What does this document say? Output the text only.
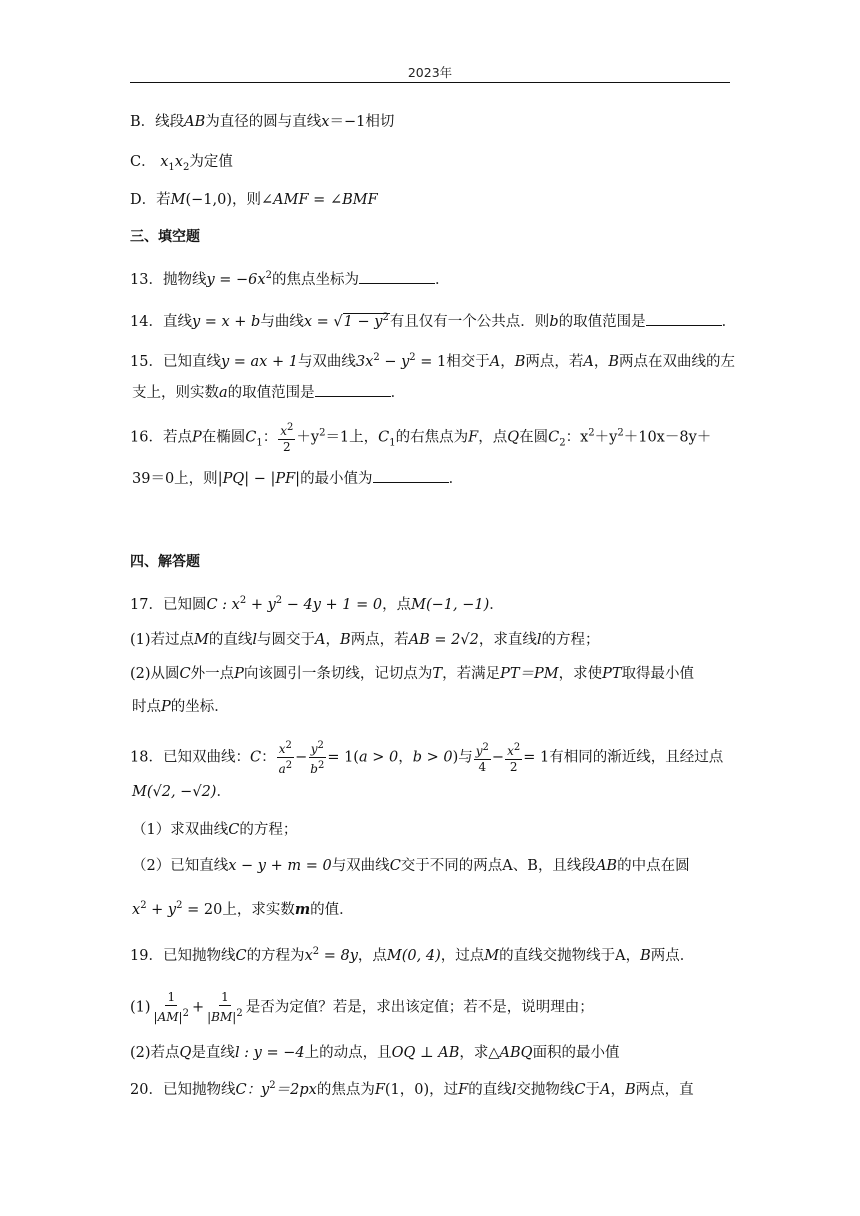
2023年
B．线段AB为直径的圆与直线x＝−1相切
C． $x_1x_2$为定值
D．若M(−1,0)，则∠AMF = ∠BMF
三、填空题
13．抛物线$y = -6x^2$的焦点坐标为	．
14．直线y = x + b与曲线$x = √1 - y^2$有且仅有一个公共点．则b的取值范围是	．
15．已知直线y = ax + 1与双曲线$3x^2 - y^2 = 1$相交于A，B两点，若A，B两点在双曲线的左
支上，则实数a的取值范围是	．
16．若点P在椭圆$C_1$： $\frac{x^2}{2} +y^2=1$上，$C_1$的右焦点为F，点Q在圆$C_2$：$x^2+y^2+10x-8y+$
39＝0上，则|PQ| − |PF|的最小值为	．
四、解答题
17．已知圆C : $x^2 + y^2 - 4y + 1 = 0$，点M(−1, −1)．
(1)若过点M的直线l与圆交于A，B两点，若AB = 2√2，求直线l的方程；
(2)从圆C外一点P向该圆引一条切线，记切点为T，若满足PT＝PM，求使PT取得最小值
时点P的坐标．
18．已知双曲线：C： $\frac{x^2}{a^2} - \frac{y^2}{b^2} = 1(a > 0$，b > 0)与 $\frac{y^2}{4} - \frac{x^2}{2} = 1$有相同的渐近线，且经过点
M(√2, −√2)．
（1）求双曲线C的方程；
（2）已知直线x − y + m = 0与双曲线C交于不同的两点A、B，且线段AB的中点在圆
$x^2 + y^2 = 20$上，求实数m的值．
19．已知抛物线C的方程为$x^2 = 8y$，点M(0, 4)，过点M的直线交抛物线于A，B两点．
$(1) \frac{1}{|AM|^2} + \frac{1}{|BM|^2}$ 是否为定值？若是，求出该定值；若不是，说明理由；
(2)若点Q是直线l : y = −4上的动点，且OQ ⊥ AB，求△ABQ面积的最小值
20．已知抛物线C：$y^2=2px$的焦点为F(1，0)，过F的直线l交抛物线C于A，B两点，直
